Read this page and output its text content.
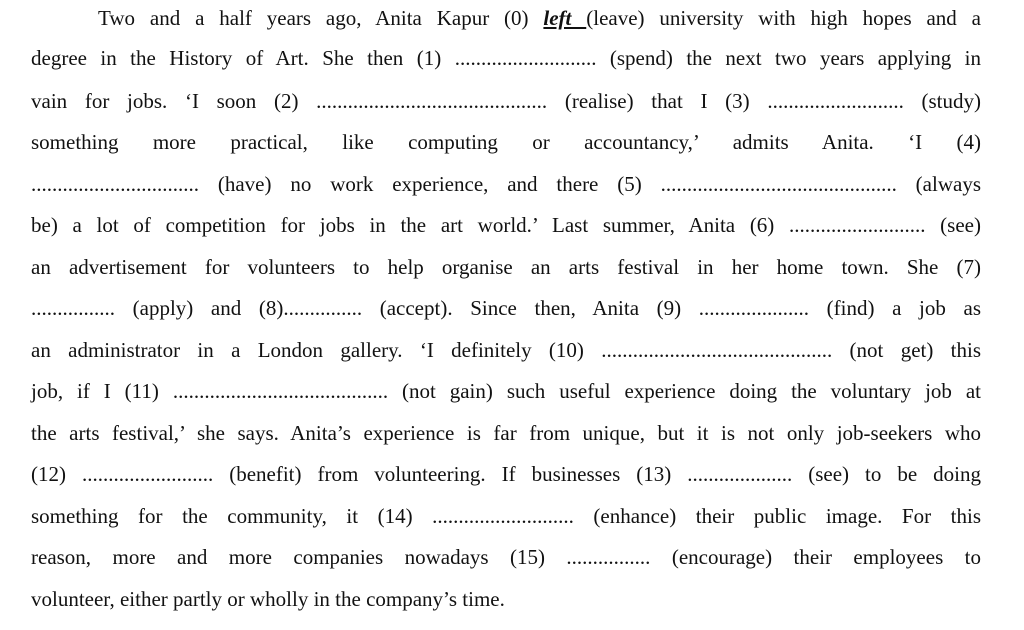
Two and a half years ago, Anita Kapur (0) left (leave) university with high hopes and a
degree in the History of Art. She then (1) ........................... (spend) the next two years applying in
vain for jobs. ‘I soon (2) ............................................ (realise) that I (3) .......................... (study)
something more practical, like computing or accountancy,’ admits Anita. ‘I (4)
................................ (have) no work experience, and there (5) ............................................. (always
be) a lot of competition for jobs in the art world.’ Last summer, Anita (6) .......................... (see)
an advertisement for volunteers to help organise an arts festival in her home town. She (7)
................ (apply) and (8)............... (accept). Since then, Anita (9) ..................... (find) a job as
an administrator in a London gallery. ‘I definitely (10) ............................................ (not get) this
job, if I (11) ......................................... (not gain) such useful experience doing the voluntary job at
the arts festival,’ she says. Anita’s experience is far from unique, but it is not only job-seekers who
(12) ......................... (benefit) from volunteering. If businesses (13) .................... (see) to be doing
something for the community, it (14) ........................... (enhance) their public image. For this
reason, more and more companies nowadays (15) ................ (encourage) their employees to
volunteer, either partly or wholly in the company’s time.
